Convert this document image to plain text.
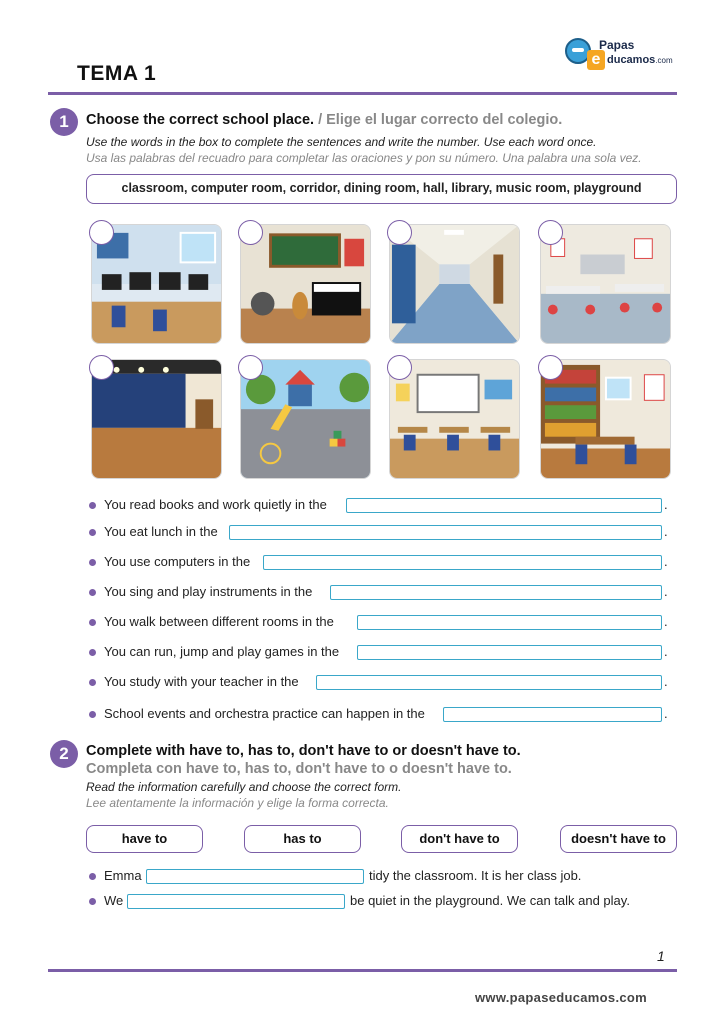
TEMA 1
e
Papas
ducamos.com
1	Choose the correct school place. / Elige el lugar correcto del colegio.
Use the words in the box to complete the sentences and write the number. Use each word once.
Usa las palabras del recuadro para completar las oraciones y pon su número. Una palabra una sola vez.
classroom, computer room, corridor, dining room, hall, library, music room, playground
You read books and work quietly in the	.
You eat lunch in the	.
You use computers in the	.
You sing and play instruments in the	.
You walk between different rooms in the	.
You can run, jump and play games in the	.
You study with your teacher in the	.
School events and orchestra practice can happen in the	.
2	Complete with have to, has to, don't have to or doesn't have to.
Completa con have to, has to, don't have to o doesn't have to.
Read the information carefully and choose the correct form.
Lee atentamente la información y elige la forma correcta.
have to	has to	don't have to	doesn't have to
Emma	tidy the classroom. It is her class job.
We	be quiet in the playground. We can talk and play.
1
www.papaseducamos.com
